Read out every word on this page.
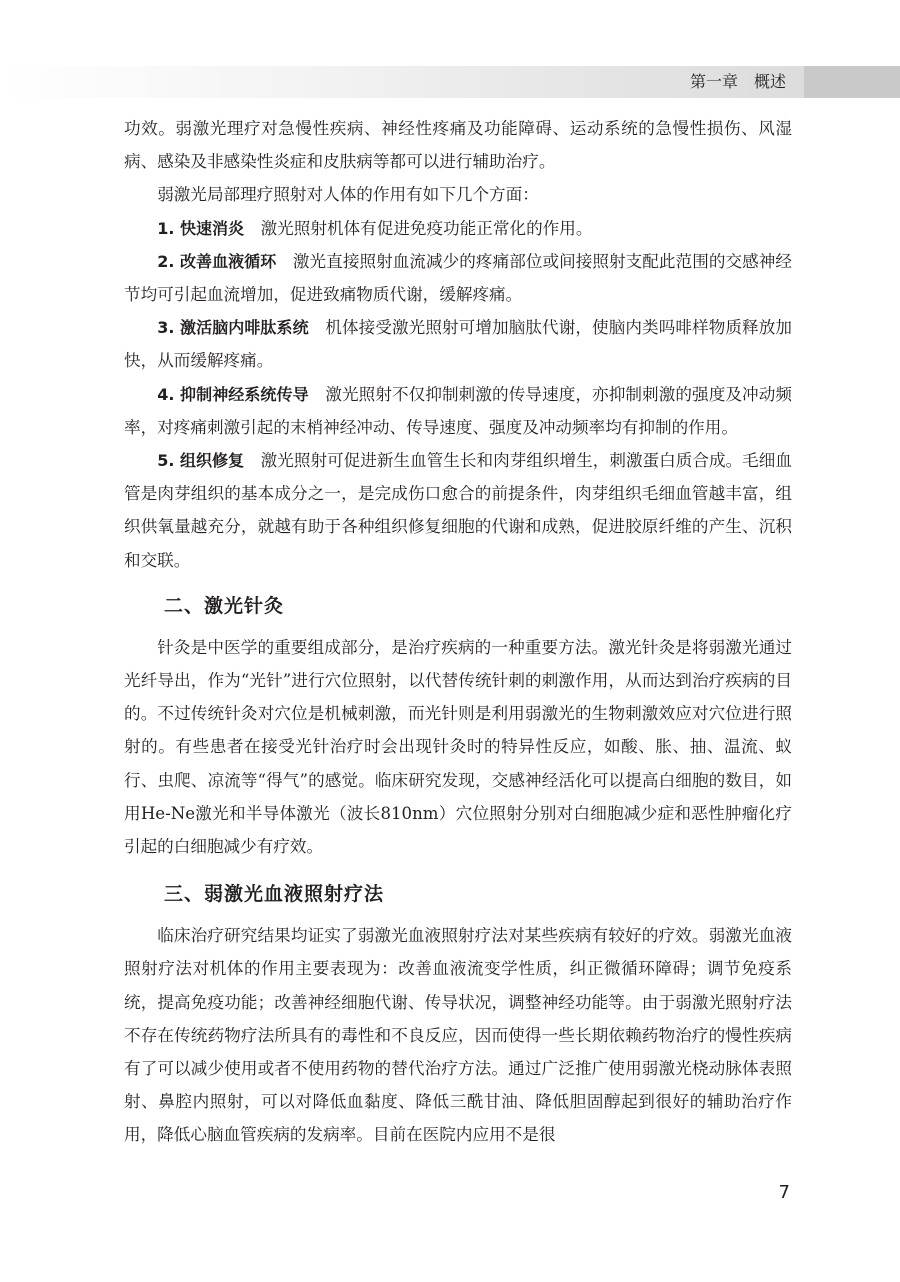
第一章　概述

功效。弱激光理疗对急慢性疾病、神经性疼痛及功能障碍、运动系统的急慢性损伤、风湿病、感染及非感染性炎症和皮肤病等都可以进行辅助治疗。

弱激光局部理疗照射对人体的作用有如下几个方面：

1. 快速消炎 激光照射机体有促进免疫功能正常化的作用。

2. 改善血液循环 激光直接照射血流减少的疼痛部位或间接照射支配此范围的交感神经节均可引起血流增加，促进致痛物质代谢，缓解疼痛。

3. 激活脑内啡肽系统 机体接受激光照射可增加脑肽代谢，使脑内类吗啡样物质释放加快，从而缓解疼痛。

4. 抑制神经系统传导 激光照射不仅抑制刺激的传导速度，亦抑制刺激的强度及冲动频率，对疼痛刺激引起的末梢神经冲动、传导速度、强度及冲动频率均有抑制的作用。

5. 组织修复 激光照射可促进新生血管生长和肉芽组织增生，刺激蛋白质合成。毛细血管是肉芽组织的基本成分之一，是完成伤口愈合的前提条件，肉芽组织毛细血管越丰富，组织供氧量越充分，就越有助于各种组织修复细胞的代谢和成熟，促进胶原纤维的产生、沉积和交联。

二、激光针灸

针灸是中医学的重要组成部分，是治疗疾病的一种重要方法。激光针灸是将弱激光通过光纤导出，作为“光针”进行穴位照射，以代替传统针刺的刺激作用，从而达到治疗疾病的目的。不过传统针灸对穴位是机械刺激，而光针则是利用弱激光的生物刺激效应对穴位进行照射的。有些患者在接受光针治疗时会出现针灸时的特异性反应，如酸、胀、抽、温流、蚁行、虫爬、凉流等“得气”的感觉。临床研究发现，交感神经活化可以提高白细胞的数目，如用He-Ne激光和半导体激光（波长810nm）穴位照射分别对白细胞减少症和恶性肿瘤化疗引起的白细胞减少有疗效。

三、弱激光血液照射疗法

临床治疗研究结果均证实了弱激光血液照射疗法对某些疾病有较好的疗效。弱激光血液照射疗法对机体的作用主要表现为：改善血液流变学性质，纠正微循环障碍；调节免疫系统，提高免疫功能；改善神经细胞代谢、传导状况，调整神经功能等。由于弱激光照射疗法不存在传统药物疗法所具有的毒性和不良反应，因而使得一些长期依赖药物治疗的慢性疾病有了可以减少使用或者不使用药物的替代治疗方法。通过广泛推广使用弱激光桡动脉体表照射、鼻腔内照射，可以对降低血黏度、降低三酰甘油、降低胆固醇起到很好的辅助治疗作用，降低心脑血管疾病的发病率。目前在医院内应用不是很

7
